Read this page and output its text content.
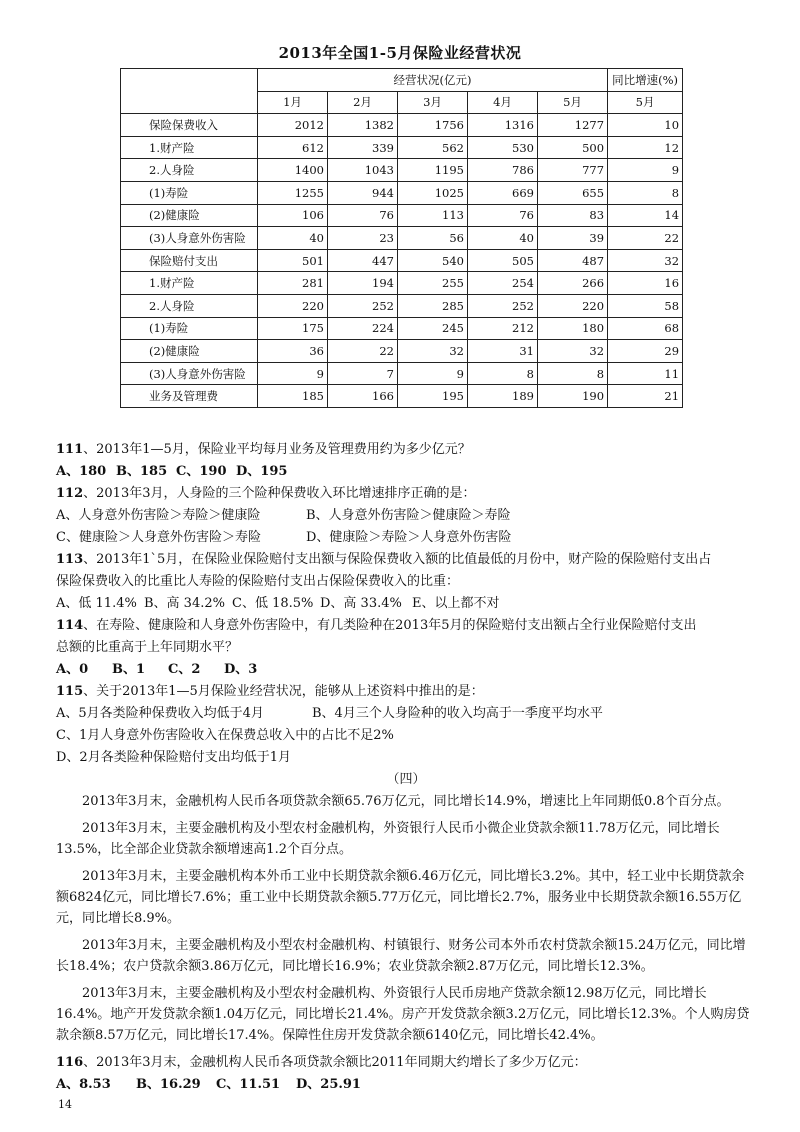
2013年全国1-5月保险业经营状况
	经营状况(亿元)					同比增速(%)
	1月	2月	3月	4月	5月	5月
保险保费收入	2012	1382	1756	1316	1277	10
1.财产险	612	339	562	530	500	12
2.人身险	1400	1043	1195	786	777	9
(1)寿险	1255	944	1025	669	655	8
(2)健康险	106	76	113	76	83	14
(3)人身意外伤害险	40	23	56	40	39	22
保险赔付支出	501	447	540	505	487	32
1.财产险	281	194	255	254	266	16
2.人身险	220	252	285	252	220	58
(1)寿险	175	224	245	212	180	68
(2)健康险	36	22	32	31	32	29
(3)人身意外伤害险	9	7	9	8	8	11
业务及管理费	185	166	195	189	190	21
111、2013年1—5月，保险业平均每月业务及管理费用约为多少亿元？
A、180 B、185 C、190 D、195
112、2013年3月，人身险的三个险种保费收入环比增速排序正确的是：
A、人身意外伤害险＞寿险＞健康险	B、人身意外伤害险＞健康险＞寿险
C、健康险＞人身意外伤害险＞寿险	D、健康险＞寿险＞人身意外伤害险
113、2013年1`5月，在保险业保险赔付支出额与保险保费收入额的比值最低的月份中，财产险的保险赔付支出占
保险保费收入的比重比人寿险的保险赔付支出占保险保费收入的比重：
A、低 11.4% B、高 34.2% C、低 18.5% D、高 33.4% E、以上都不对
114、在寿险、健康险和人身意外伤害险中，有几类险种在2013年5月的保险赔付支出额占全行业保险赔付支出
总额的比重高于上年同期水平？
A、0 B、1 C、2 D、3
115、关于2013年1—5月保险业经营状况，能够从上述资料中推出的是：
A、5月各类险种保费收入均低于4月	B、4月三个人身险种的收入均高于一季度平均水平
C、1月人身意外伤害险收入在保费总收入中的占比不足2%
D、2月各类险种保险赔付支出均低于1月
（四）

2013年3月末，金融机构人民币各项贷款余额65.76万亿元，同比增长14.9%，增速比上年同期低0.8个百分点。

2013年3月末，主要金融机构及小型农村金融机构，外资银行人民币小微企业贷款余额11.78万亿元，同比增长13.5%，比全部企业贷款余额增速高1.2个百分点。

2013年3月末，主要金融机构本外币工业中长期贷款余额6.46万亿元，同比增长3.2%。其中，轻工业中长期贷款余额6824亿元，同比增长7.6%；重工业中长期贷款余额5.77万亿元，同比增长2.7%，服务业中长期贷款余额16.55万亿元，同比增长8.9%。

2013年3月末，主要金融机构及小型农村金融机构、村镇银行、财务公司本外币农村贷款余额15.24万亿元，同比增长18.4%；农户贷款余额3.86万亿元，同比增长16.9%；农业贷款余额2.87万亿元，同比增长12.3%。

2013年3月末，主要金融机构及小型农村金融机构、外资银行人民币房地产贷款余额12.98万亿元，同比增长16.4%。地产开发贷款余额1.04万亿元，同比增长21.4%。房产开发贷款余额3.2万亿元，同比增长12.3%。个人购房贷款余额8.57万亿元，同比增长17.4%。保障性住房开发贷款余额6140亿元，同比增长42.4%。

116、2013年3月末，金融机构人民币各项贷款余额比2011年同期大约增长了多少万亿元：
A、8.53 B、16.29 C、11.51 D、25.91
14
